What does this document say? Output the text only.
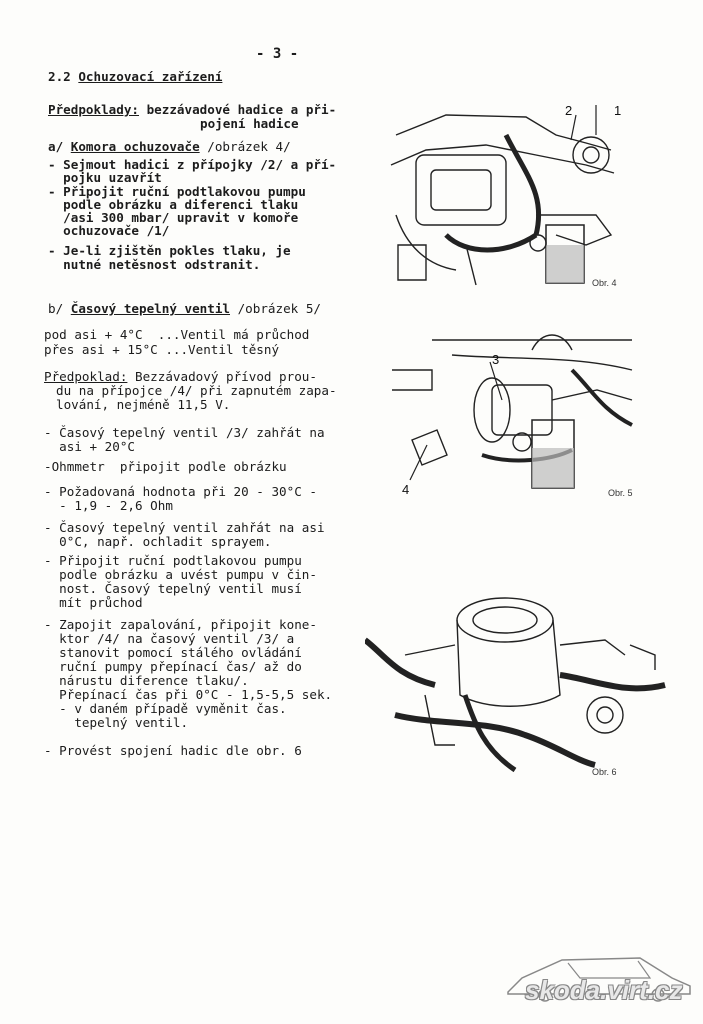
- 3 -
2.2 Ochuzovací zařízení
Předpoklady: bezzávadové hadice a při-
pojení hadice
a/ Komora ochuzovače /obrázek 4/
- Sejmout hadici z přípojky /2/ a pří-
pojku uzavřít
- Připojit ruční podtlakovou pumpu
podle obrázku a diferenci tlaku
/asi 300 mbar/ upravit v komoře
ochuzovače /1/
- Je-li zjištěn pokles tlaku, je
nutné netěsnost odstranit.
b/ Časový tepelný ventil /obrázek 5/
pod asi + 4°C  ...Ventil má průchod
přes asi + 15°C ...Ventil těsný
Předpoklad: Bezzávadový přívod prou-
du na přípojce /4/ při zapnutém zapa-
lování, nejméně 11,5 V.
- Časový tepelný ventil /3/ zahřát na
asi + 20°C
-Ohmmetr  připojit podle obrázku
- Požadovaná hodnota při 20 - 30°C -
- 1,9 - 2,6 Ohm
- Časový tepelný ventil zahřát na asi
0°C, např. ochladit sprayem.
- Připojit ruční podtlakovou pumpu
podle obrázku a uvést pumpu v čin-
nost. Časový tepelný ventil musí
mít průchod
- Zapojit zapalování, připojit kone-
ktor /4/ na časový ventil /3/ a
stanovit pomocí stálého ovládání
ruční pumpy přepínací čas/ až do
nárustu diference tlaku/.
Přepínací čas při 0°C - 1,5-5,5 sek.
- v daném případě vyměnit čas.
tepelný ventil.
- Provést spojení hadic dle obr. 6
2	1
Obr. 4
3
4	Obr. 5
Obr. 6
skoda.virt.cz
